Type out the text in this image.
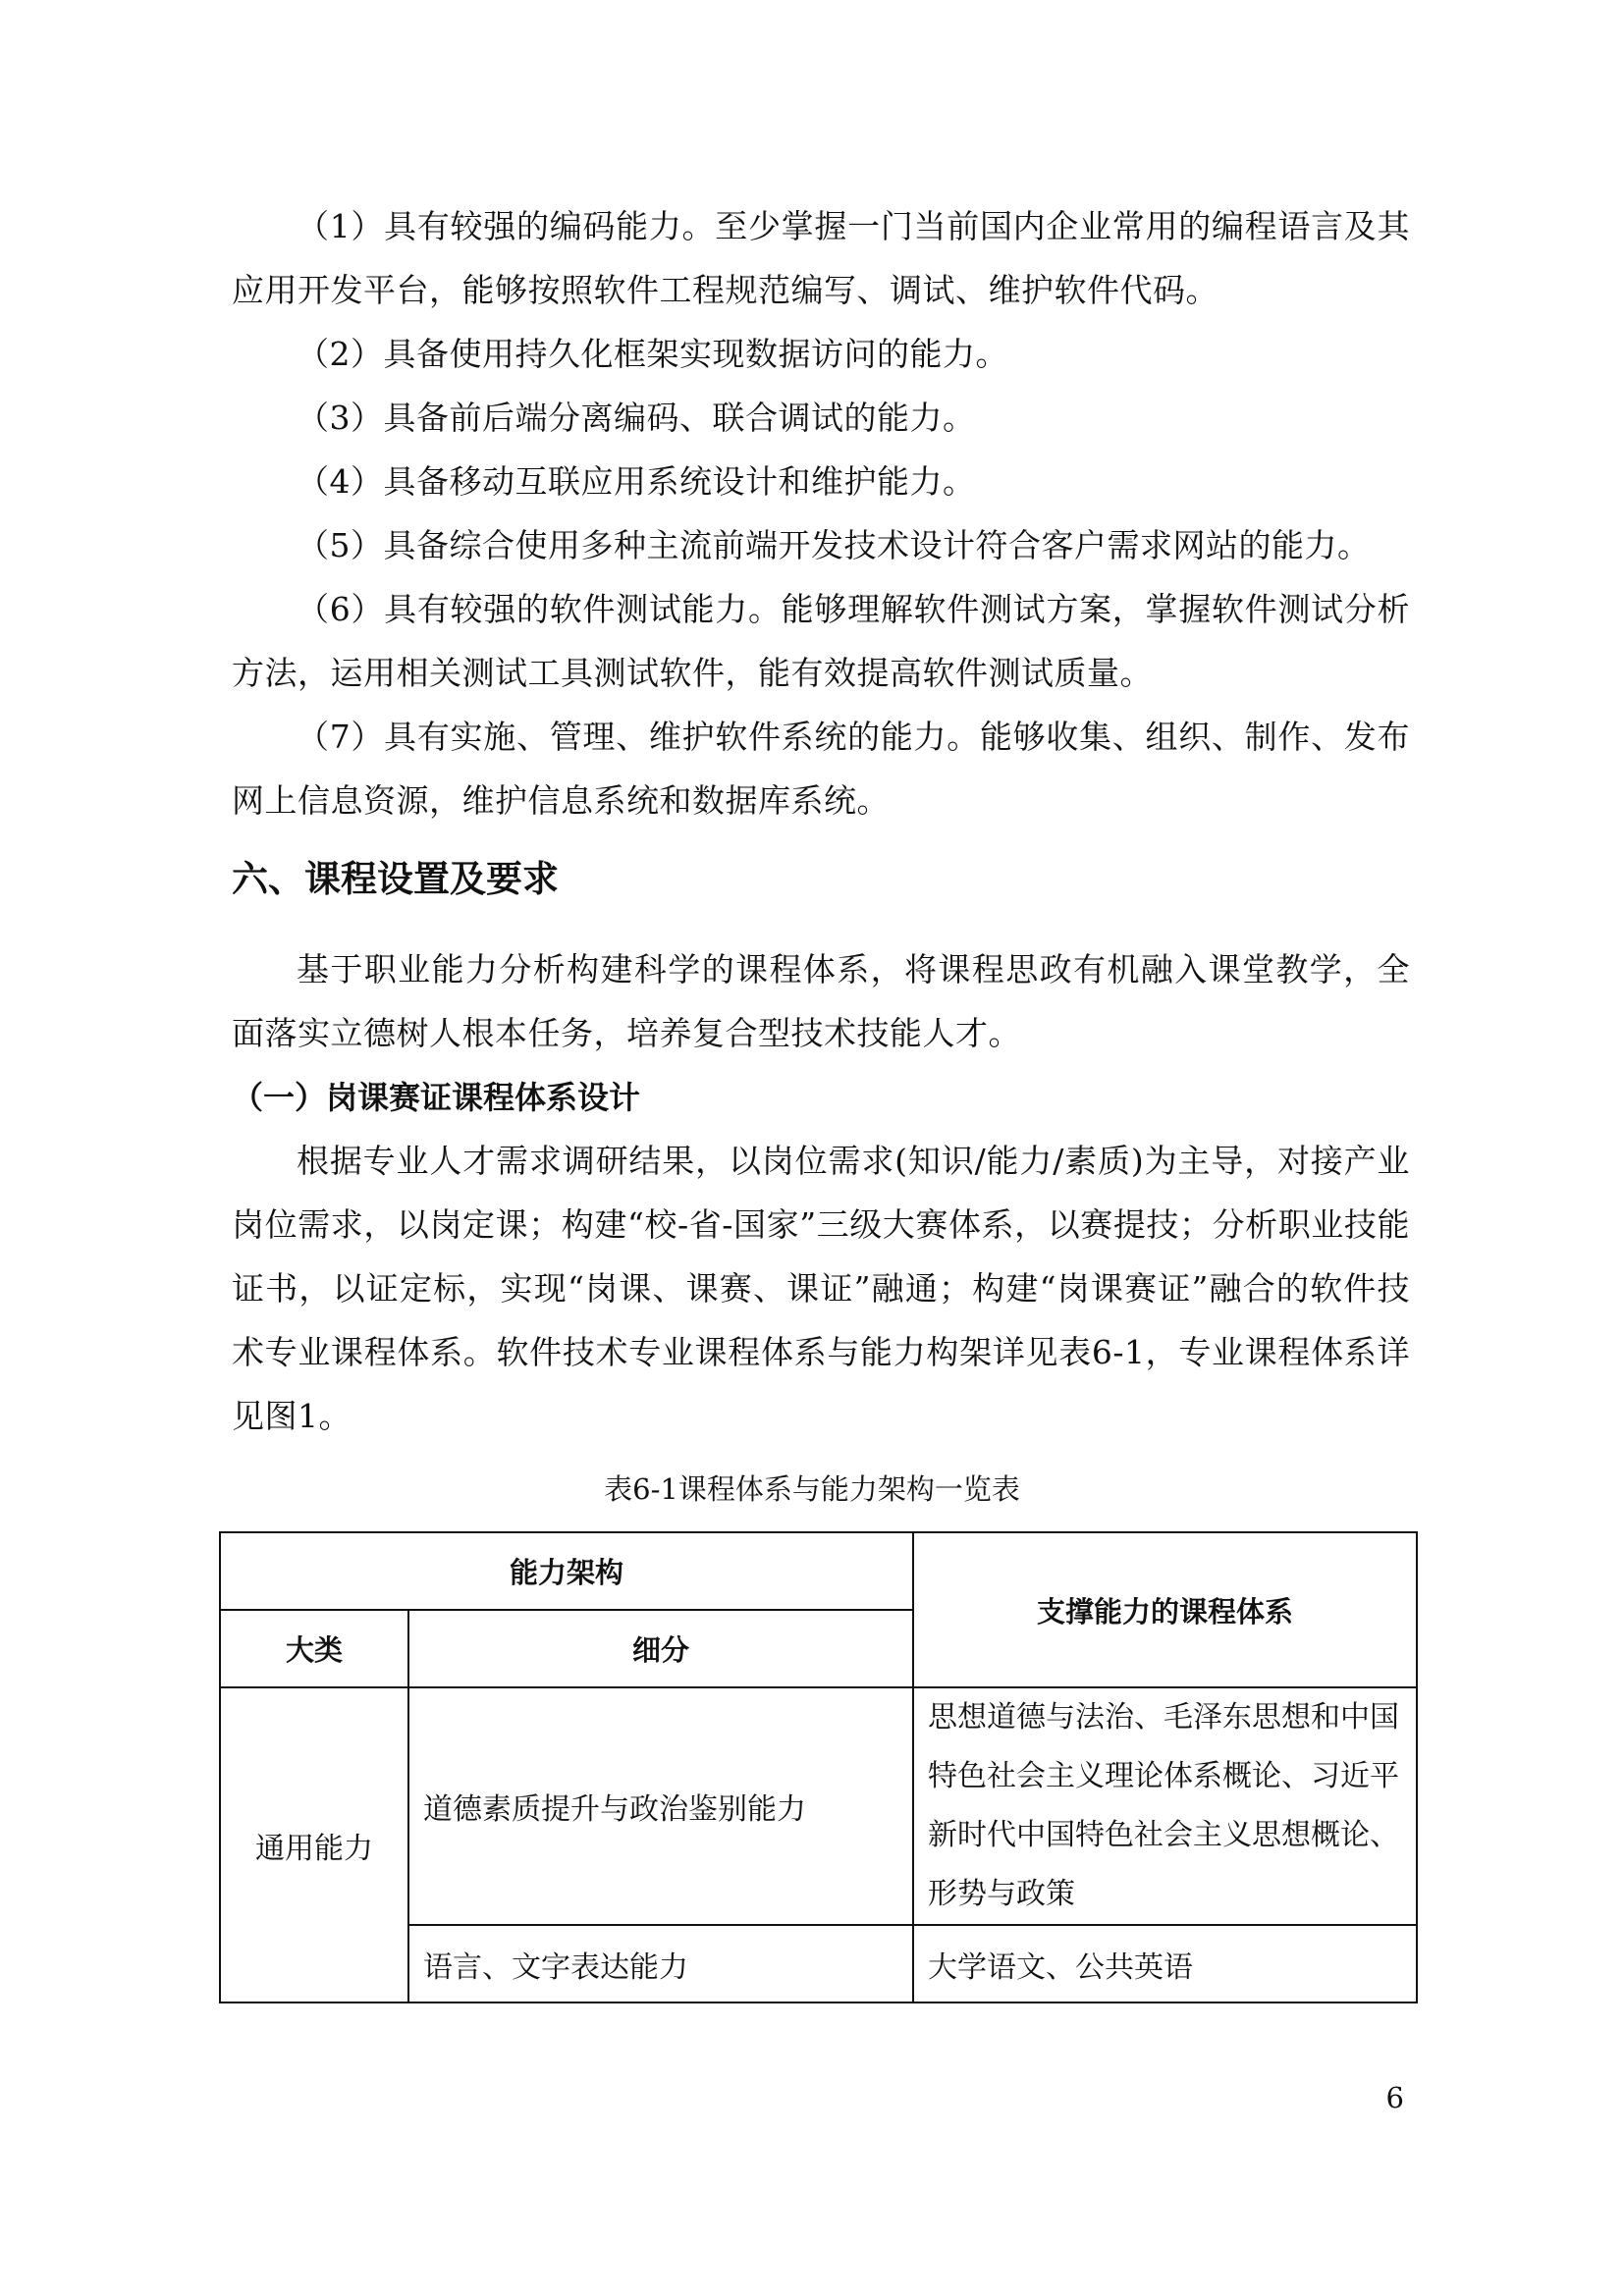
（1）具有较强的编码能力。至少掌握一门当前国内企业常用的编程语言及其应用开发平台，能够按照软件工程规范编写、调试、维护软件代码。

（2）具备使用持久化框架实现数据访问的能力。

（3）具备前后端分离编码、联合调试的能力。

（4）具备移动互联应用系统设计和维护能力。

（5）具备综合使用多种主流前端开发技术设计符合客户需求网站的能力。

（6）具有较强的软件测试能力。能够理解软件测试方案，掌握软件测试分析方法，运用相关测试工具测试软件，能有效提高软件测试质量。

（7）具有实施、管理、维护软件系统的能力。能够收集、组织、制作、发布网上信息资源，维护信息系统和数据库系统。

六、课程设置及要求

基于职业能力分析构建科学的课程体系，将课程思政有机融入课堂教学，全面落实立德树人根本任务，培养复合型技术技能人才。

（一）岗课赛证课程体系设计

根据专业人才需求调研结果，以岗位需求(知识/能力/素质)为主导，对接产业岗位需求，以岗定课；构建“校-省-国家”三级大赛体系，以赛提技；分析职业技能证书，以证定标，实现“岗课、课赛、课证”融通；构建“岗课赛证”融合的软件技术专业课程体系。软件技术专业课程体系与能力构架详见表6-1，专业课程体系详见图1。

表6-1课程体系与能力架构一览表

能力架构		支撑能力的课程体系
大类	细分	
通用能力	道德素质提升与政治鉴别能力	思想道德与法治、毛泽东思想和中国特色社会主义理论体系概论、习近平新时代中国特色社会主义思想概论、形势与政策
	语言、文字表达能力	大学语文、公共英语
6
